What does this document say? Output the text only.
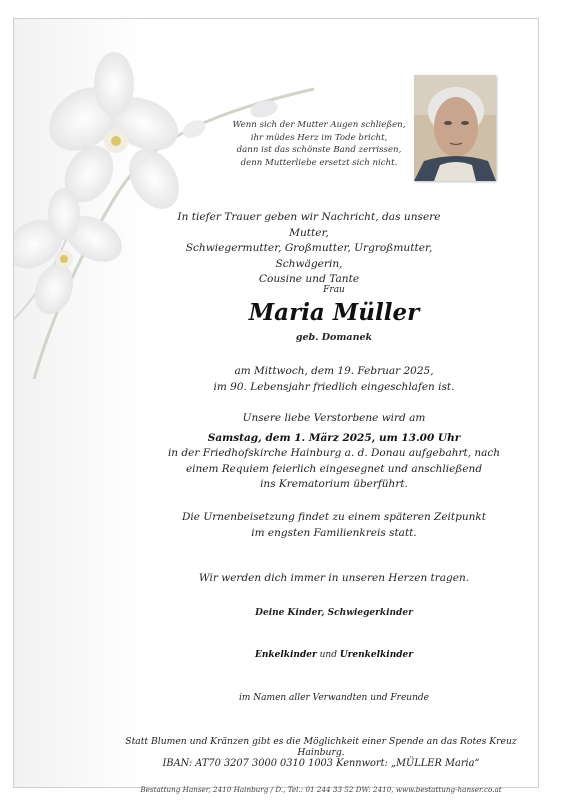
Wenn sich der Mutter Augen schließen,
ihr müdes Herz im Tode bricht,
dann ist das schönste Band zerrissen,
denn Mutterliebe ersetzt sich nicht.
In tiefer Trauer geben wir Nachricht, das unsere Mutter,
Schwiegermutter, Großmutter, Urgroßmutter, Schwägerin,
Cousine und Tante
Frau
Maria Müller
geb. Domanek
am Mittwoch, dem 19. Februar 2025,
im 90. Lebensjahr friedlich eingeschlafen ist.
Unsere liebe Verstorbene wird am
Samstag, dem 1. März 2025, um 13.00 Uhr
in der Friedhofskirche Hainburg a. d. Donau aufgebahrt, nach
einem Requiem feierlich eingesegnet und anschließend
ins Krematorium überführt.
Die Urnenbeisetzung findet zu einem späteren Zeitpunkt
im engsten Familienkreis statt.
Wir werden dich immer in unseren Herzen tragen.
Deine Kinder, Schwiegerkinder
Enkelkinder und Urenkelkinder
im Namen aller Verwandten und Freunde
Statt Blumen und Kränzen gibt es die Möglichkeit einer Spende an das Rotes Kreuz Hainburg.
IBAN: AT70 3207 3000 0310 1003 Kennwort: „MÜLLER Maria“
Bestattung Hanser, 2410 Hainburg / D., Tel.: 01 244 33 52 DW: 2410, www.bestattung-hanser.co.at
